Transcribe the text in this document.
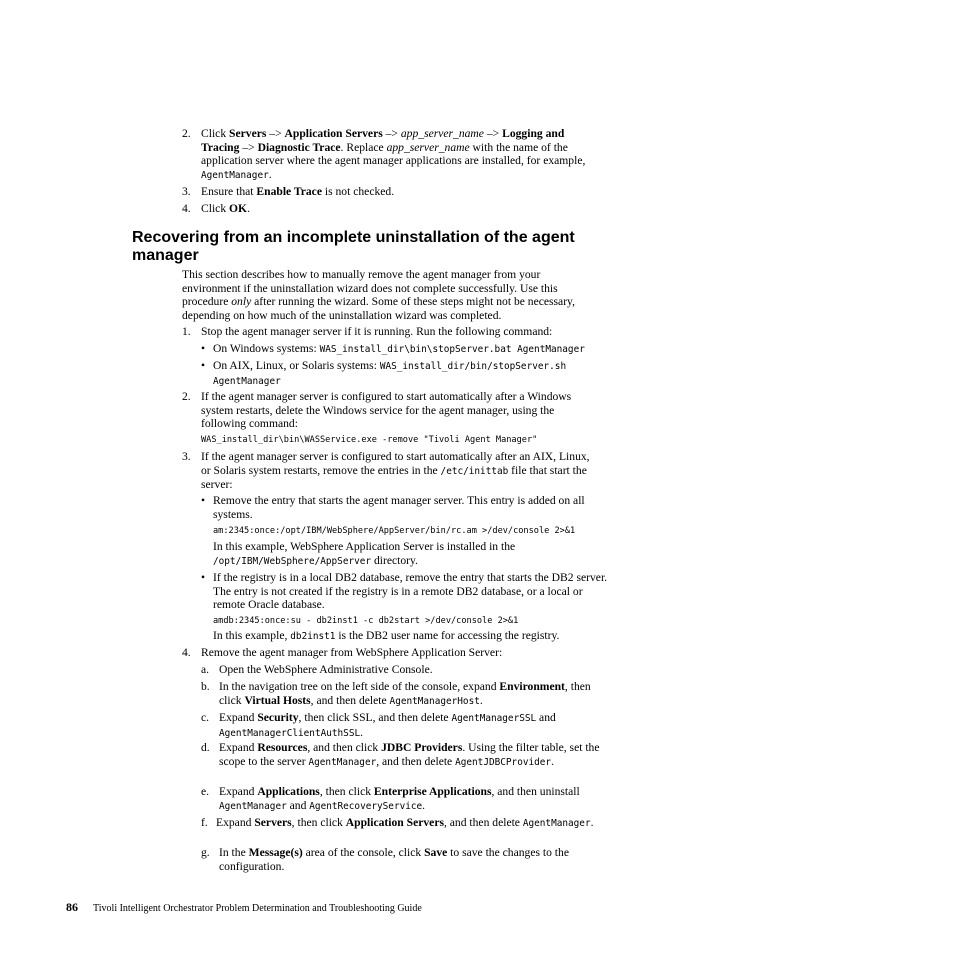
2. Click Servers –> Application Servers –> app_server_name –> Logging and Tracing –> Diagnostic Trace. Replace app_server_name with the name of the application server where the agent manager applications are installed, for example, AgentManager.
3. Ensure that Enable Trace is not checked.
4. Click OK.
Recovering from an incomplete uninstallation of the agent manager
This section describes how to manually remove the agent manager from your environment if the uninstallation wizard does not complete successfully. Use this procedure only after running the wizard. Some of these steps might not be necessary, depending on how much of the uninstallation wizard was completed.
1. Stop the agent manager server if it is running. Run the following command:
• On Windows systems: WAS_install_dir\bin\stopServer.bat AgentManager
• On AIX, Linux, or Solaris systems: WAS_install_dir/bin/stopServer.sh AgentManager
2. If the agent manager server is configured to start automatically after a Windows system restarts, delete the Windows service for the agent manager, using the following command:
WAS_install_dir\bin\WASService.exe -remove "Tivoli Agent Manager"
3. If the agent manager server is configured to start automatically after an AIX, Linux, or Solaris system restarts, remove the entries in the /etc/inittab file that start the server:
• Remove the entry that starts the agent manager server. This entry is added on all systems.
am:2345:once:/opt/IBM/WebSphere/AppServer/bin/rc.am >/dev/console 2>&1
In this example, WebSphere Application Server is installed in the /opt/IBM/WebSphere/AppServer directory.
• If the registry is in a local DB2 database, remove the entry that starts the DB2 server. The entry is not created if the registry is in a remote DB2 database, or a local or remote Oracle database.
amdb:2345:once:su - db2inst1 -c db2start >/dev/console 2>&1
In this example, db2inst1 is the DB2 user name for accessing the registry.
4. Remove the agent manager from WebSphere Application Server:
a. Open the WebSphere Administrative Console.
b. In the navigation tree on the left side of the console, expand Environment, then click Virtual Hosts, and then delete AgentManagerHost.
c. Expand Security, then click SSL, and then delete AgentManagerSSL and AgentManagerClientAuthSSL.
d. Expand Resources, and then click JDBC Providers. Using the filter table, set the scope to the server AgentManager, and then delete AgentJDBCProvider.
e. Expand Applications, then click Enterprise Applications, and then uninstall AgentManager and AgentRecoveryService.
f. Expand Servers, then click Application Servers, and then delete AgentManager.
g. In the Message(s) area of the console, click Save to save the changes to the configuration.
86 Tivoli Intelligent Orchestrator Problem Determination and Troubleshooting Guide
